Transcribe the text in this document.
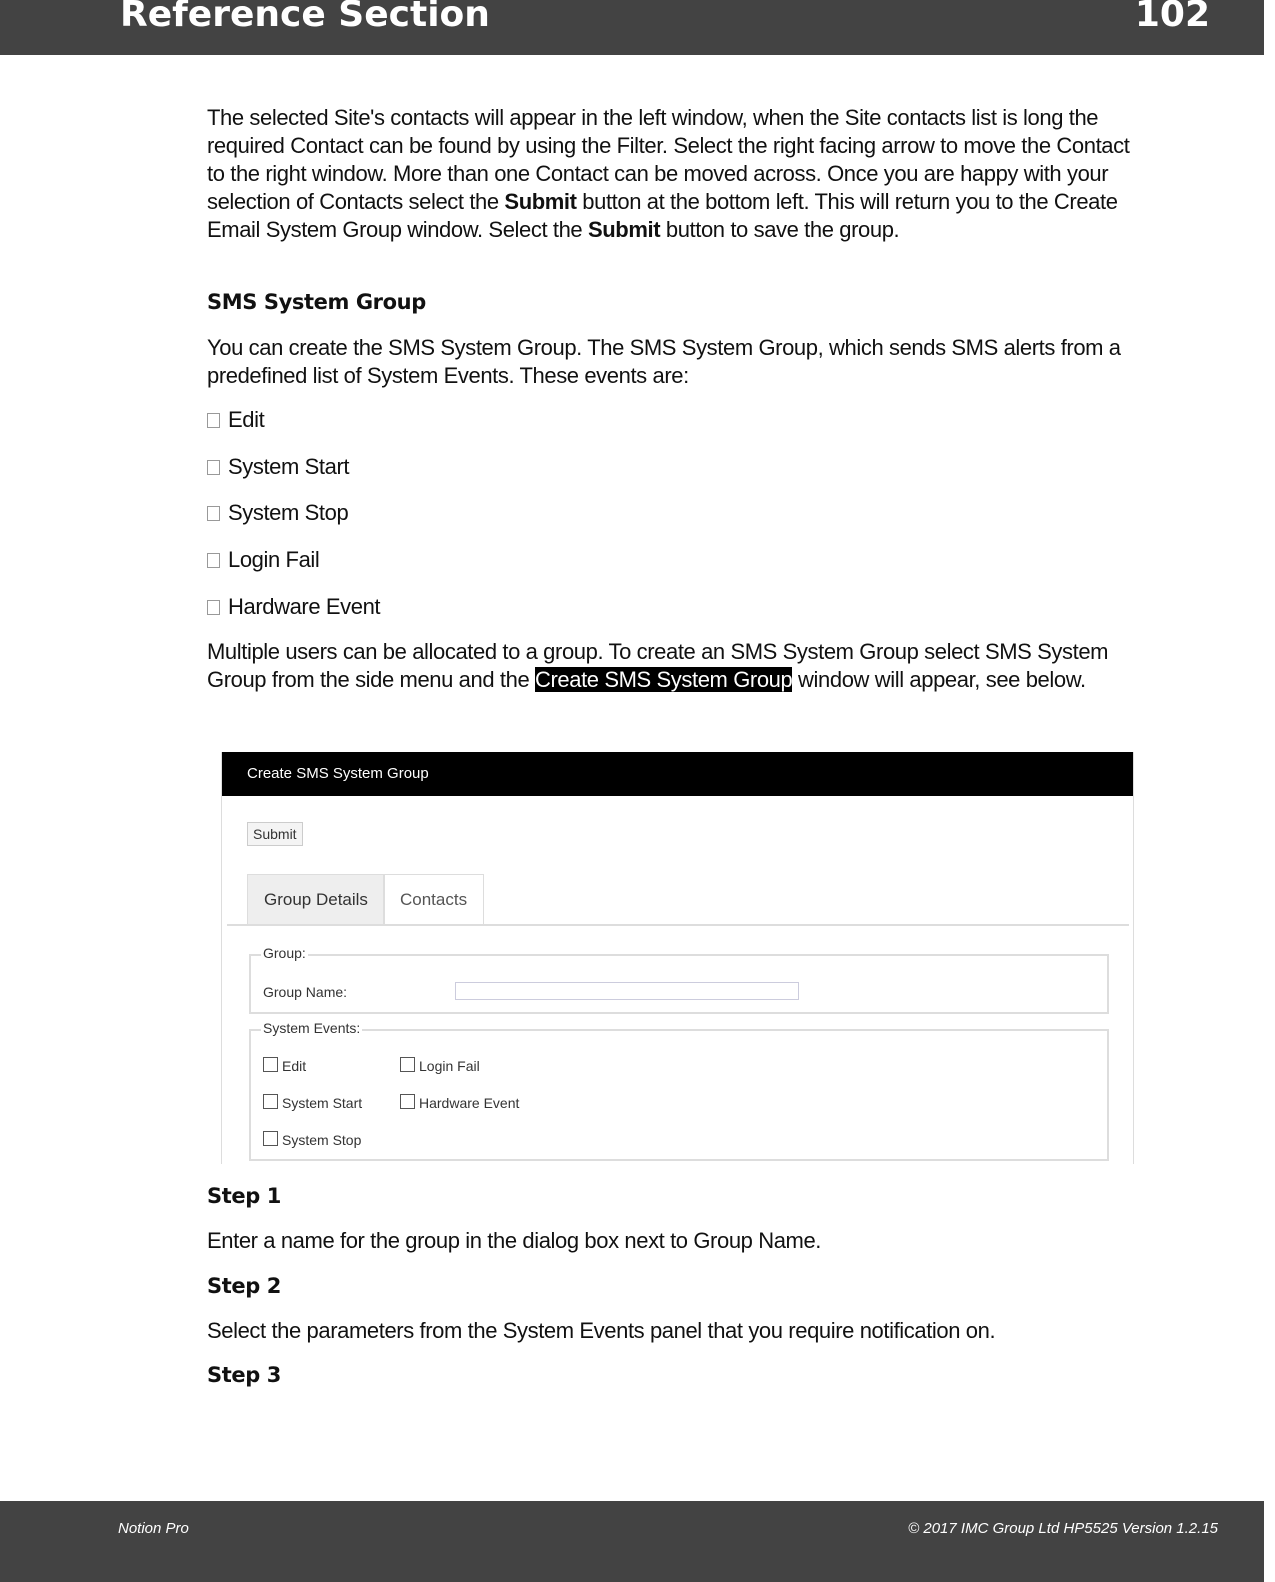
Reference Section	102
The selected Site's contacts will appear in the left window, when the Site contacts list is long the required Contact can be found by using the Filter. Select the right facing arrow to move the Contact to the right window. More than one Contact can be moved across. Once you are happy with your selection of Contacts select the Submit button at the bottom left. This will return you to the Create Email System Group window. Select the Submit button to save the group.
SMS System Group
You can create the SMS System Group. The SMS System Group, which sends SMS alerts from a predefined list of System Events. These events are:
Edit
System Start
System Stop
Login Fail
Hardware Event
Multiple users can be allocated to a group. To create an SMS System Group select SMS System Group from the side menu and the Create SMS System Group window will appear, see below.
Create SMS System Group
Submit
Group Details	Contacts
Group:
Group Name:
System Events:
Edit	Login Fail
System Start	Hardware Event
System Stop
Step 1
Enter a name for the group in the dialog box next to Group Name.
Step 2
Select the parameters from the System Events panel that you require notification on.
Step 3
Notion Pro	© 2017 IMC Group Ltd HP5525 Version 1.2.15
